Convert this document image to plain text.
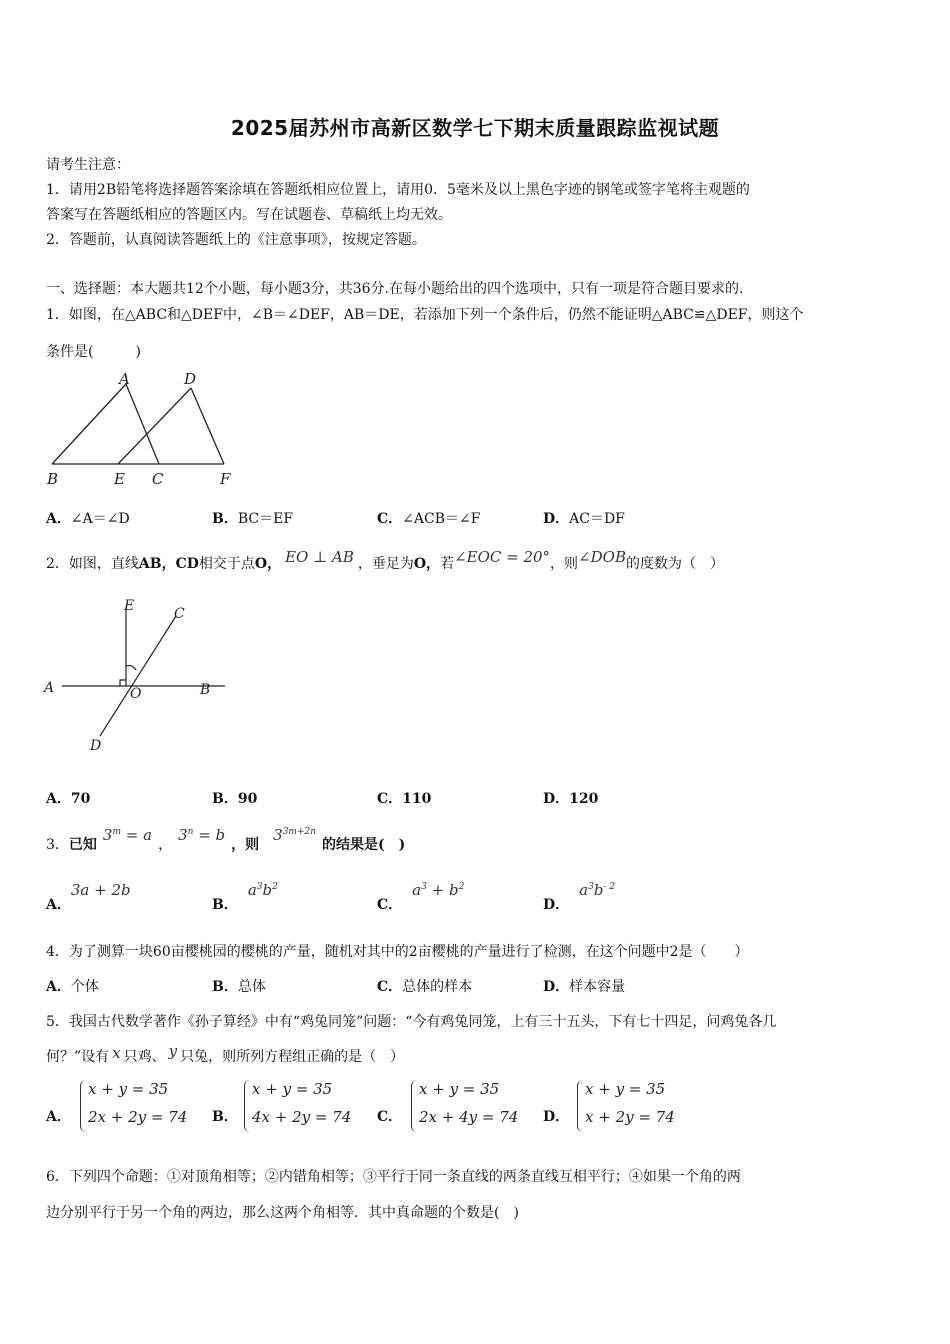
2025届苏州市高新区数学七下期末质量跟踪监视试题
请考生注意：
1．请用2B铅笔将选择题答案涂填在答题纸相应位置上，请用0．5毫米及以上黑色字迹的钢笔或签字笔将主观题的
答案写在答题纸相应的答题区内。写在试题卷、草稿纸上均无效。
2．答题前，认真阅读答题纸上的《注意事项》，按规定答题。
一、选择题：本大题共12个小题，每小题3分，共36分.在每小题给出的四个选项中，只有一项是符合题目要求的.
1．如图，在△ABC和△DEF中，∠B＝∠DEF，AB＝DE，若添加下列一个条件后，仍然不能证明△ABC≌△DEF，则这个
条件是(　　　)
A	D
B	E C	F
A．∠A＝∠D	B．BC＝EF	C．∠ACB＝∠F	D．AC＝DF
2．如图，直线AB，CD相交于点O， EO ⊥ AB ，垂足为O，若∠EOC = 20°，则∠DOB的度数为（　）
E	C
A	O	B
D
A．70	B．90	C．110	D．120
3．已知$3^m = a$，$3^n = b$，则$3^{3m+2n}$的结果是(　)
A．3a + 2b
B．$a^3b^2$
C．$a^3 + b^2$
D．$a^3b^{- 2}$
4．为了测算一块60亩樱桃园的樱桃的产量，随机对其中的2亩樱桃的产量进行了检测，在这个问题中2是（　　）
A．个体	B．总体	C．总体的样本	D．样本容量
5．我国古代数学著作《孙子算经》中有“鸡兔同笼”问题：“今有鸡兔同笼，上有三十五头，下有七十四足，问鸡兔各几
何？”设有 x 只鸡、 y 只兔，则所列方程组正确的是（　）
A．
x + y = 35
2x + 2y = 74 B．
x + y = 35
4x + 2y = 74 C．
x + y = 35
2x + 4y = 74 D．
x + y = 35
x + 2y = 74
6．下列四个命题：①对顶角相等；②内错角相等；③平行于同一条直线的两条直线互相平行；④如果一个角的两
边分别平行于另一个角的两边，那么这两个角相等．其中真命题的个数是(　)
